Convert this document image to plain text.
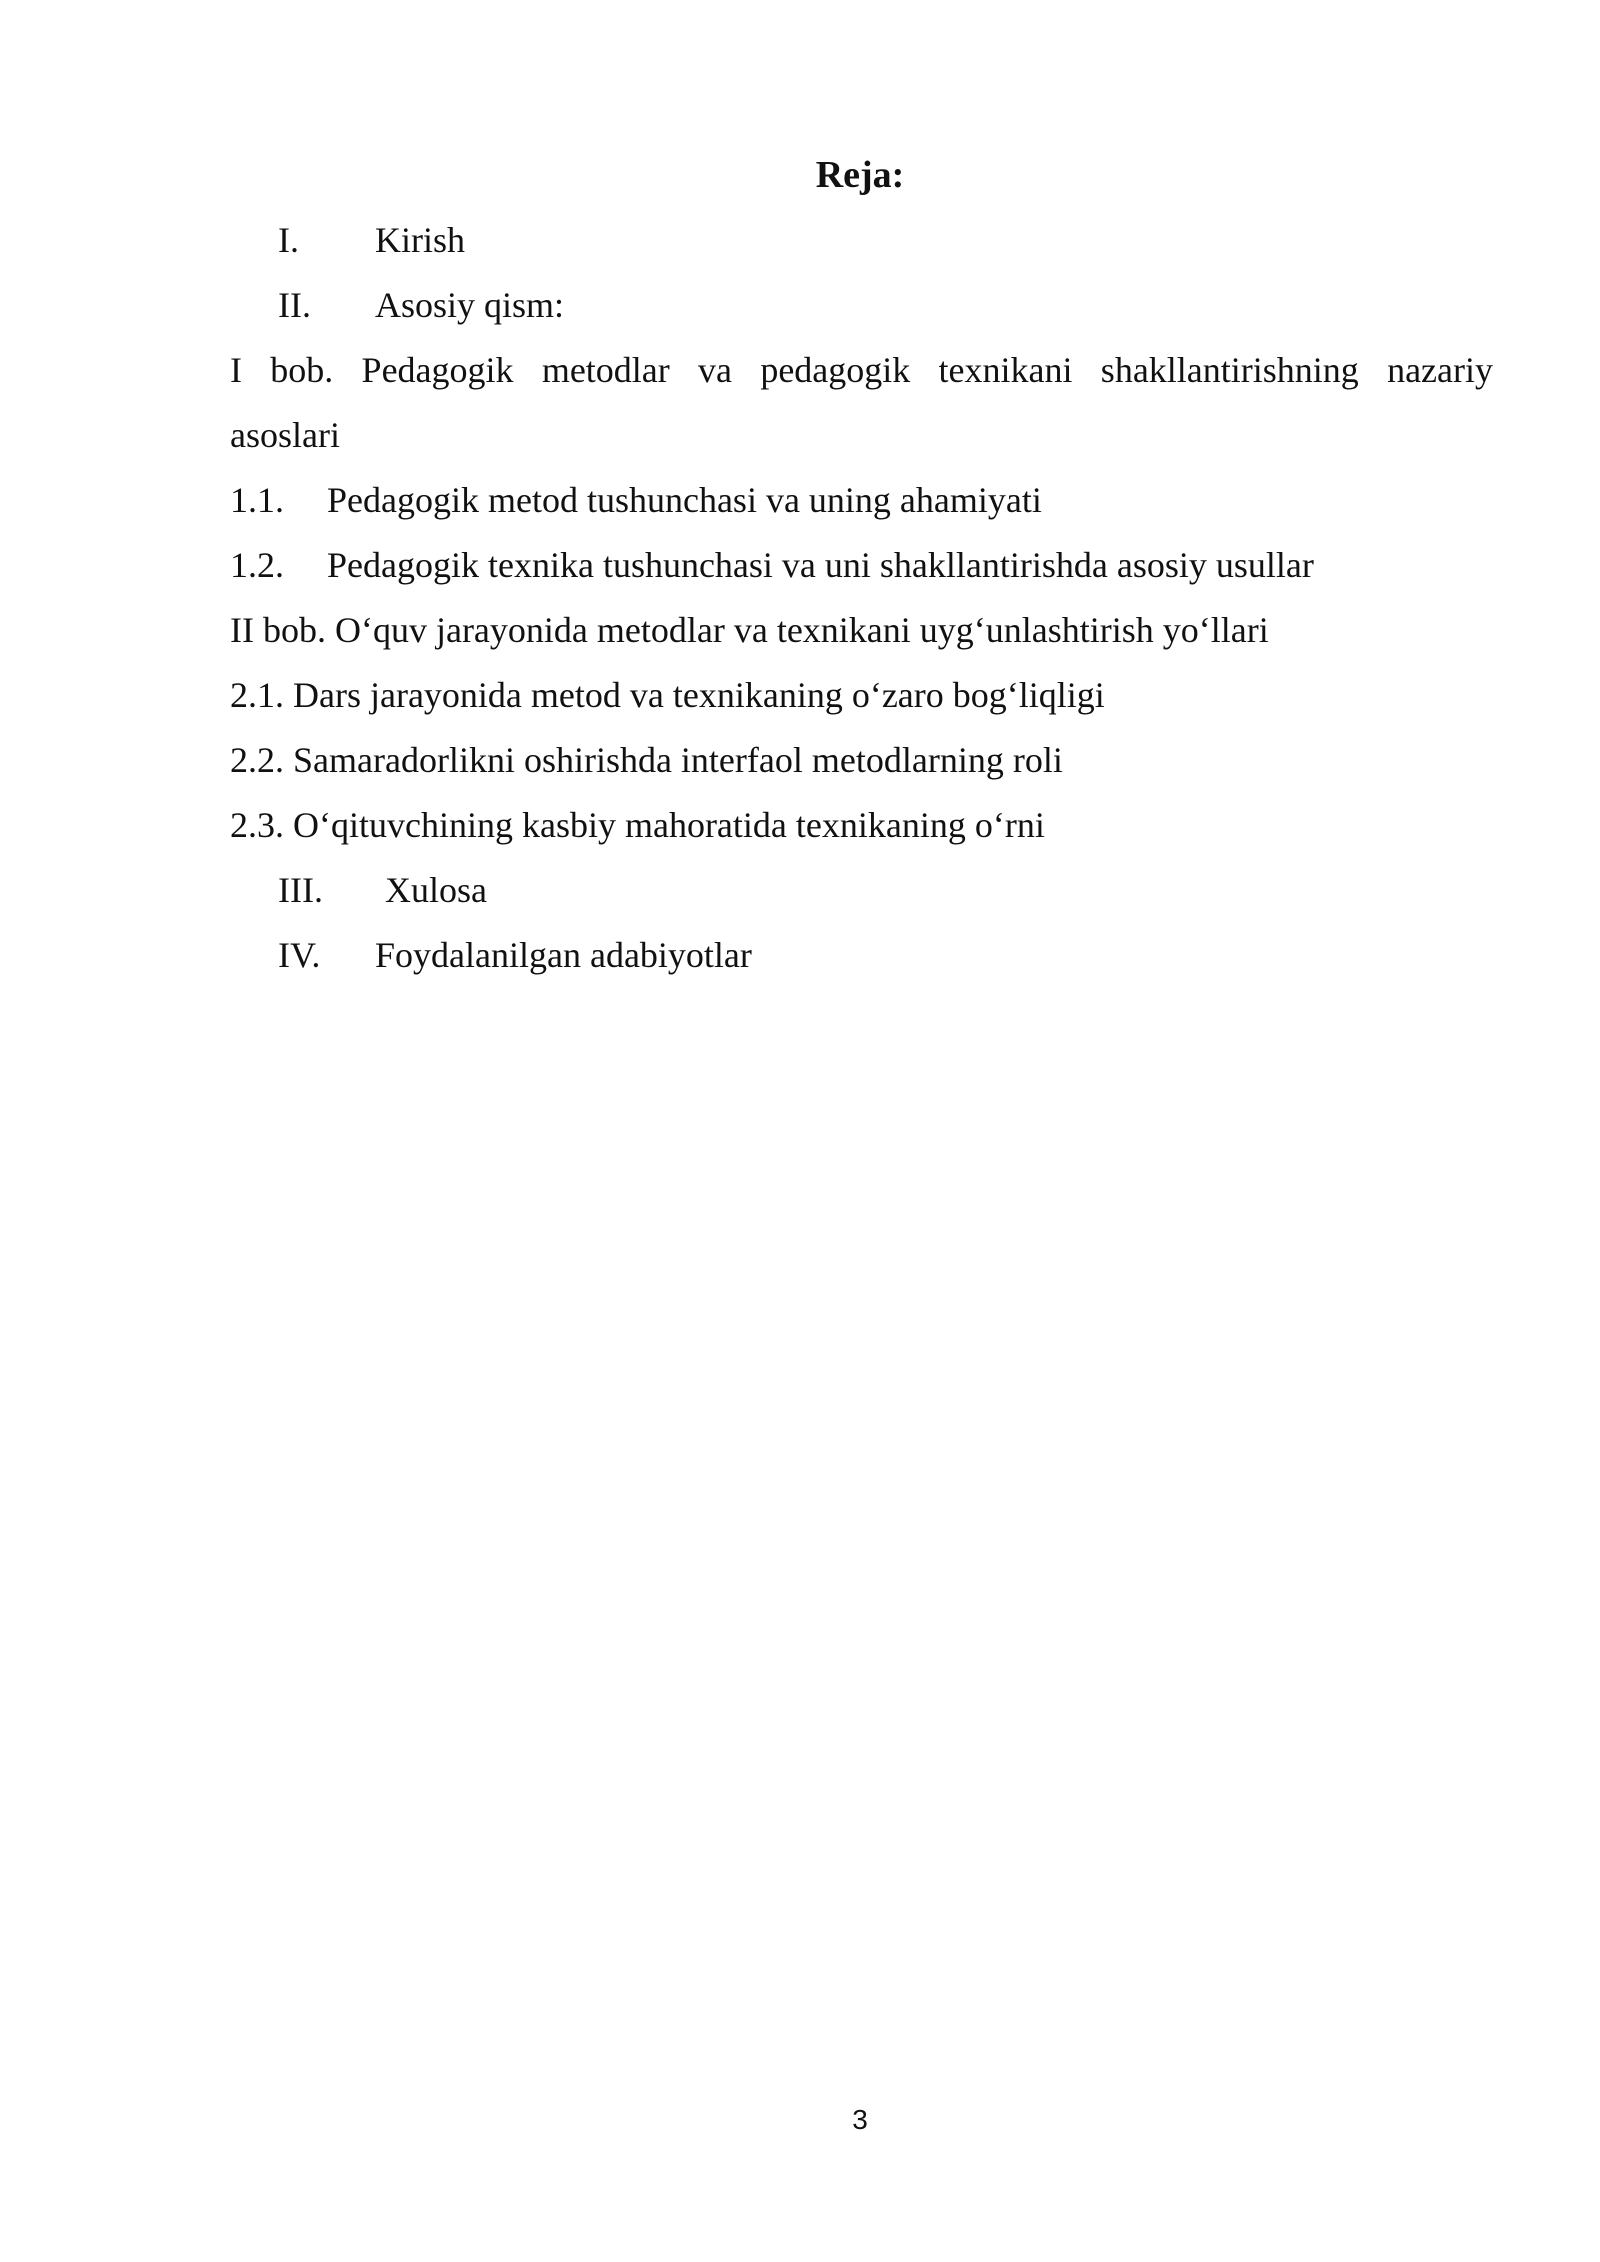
Reja:
I. Kirish
II. Asosiy qism:

I bob. Pedagogik metodlar va pedagogik texnikani shakllantirishning nazariy

asoslari

1.1. Pedagogik metod tushunchasi va uning ahamiyati
1.2. Pedagogik texnika tushunchasi va uni shakllantirishda asosiy usullar

II bob. O‘quv jarayonida metodlar va texnikani uyg‘unlashtirish yo‘llari

2.1. Dars jarayonida metod va texnikaning o‘zaro bog‘liqligi

2.2. Samaradorlikni oshirishda interfaol metodlarning roli

2.3. O‘qituvchining kasbiy mahoratida texnikaning o‘rni

III. Xulosa
IV. Foydalanilgan adabiyotlar

3
